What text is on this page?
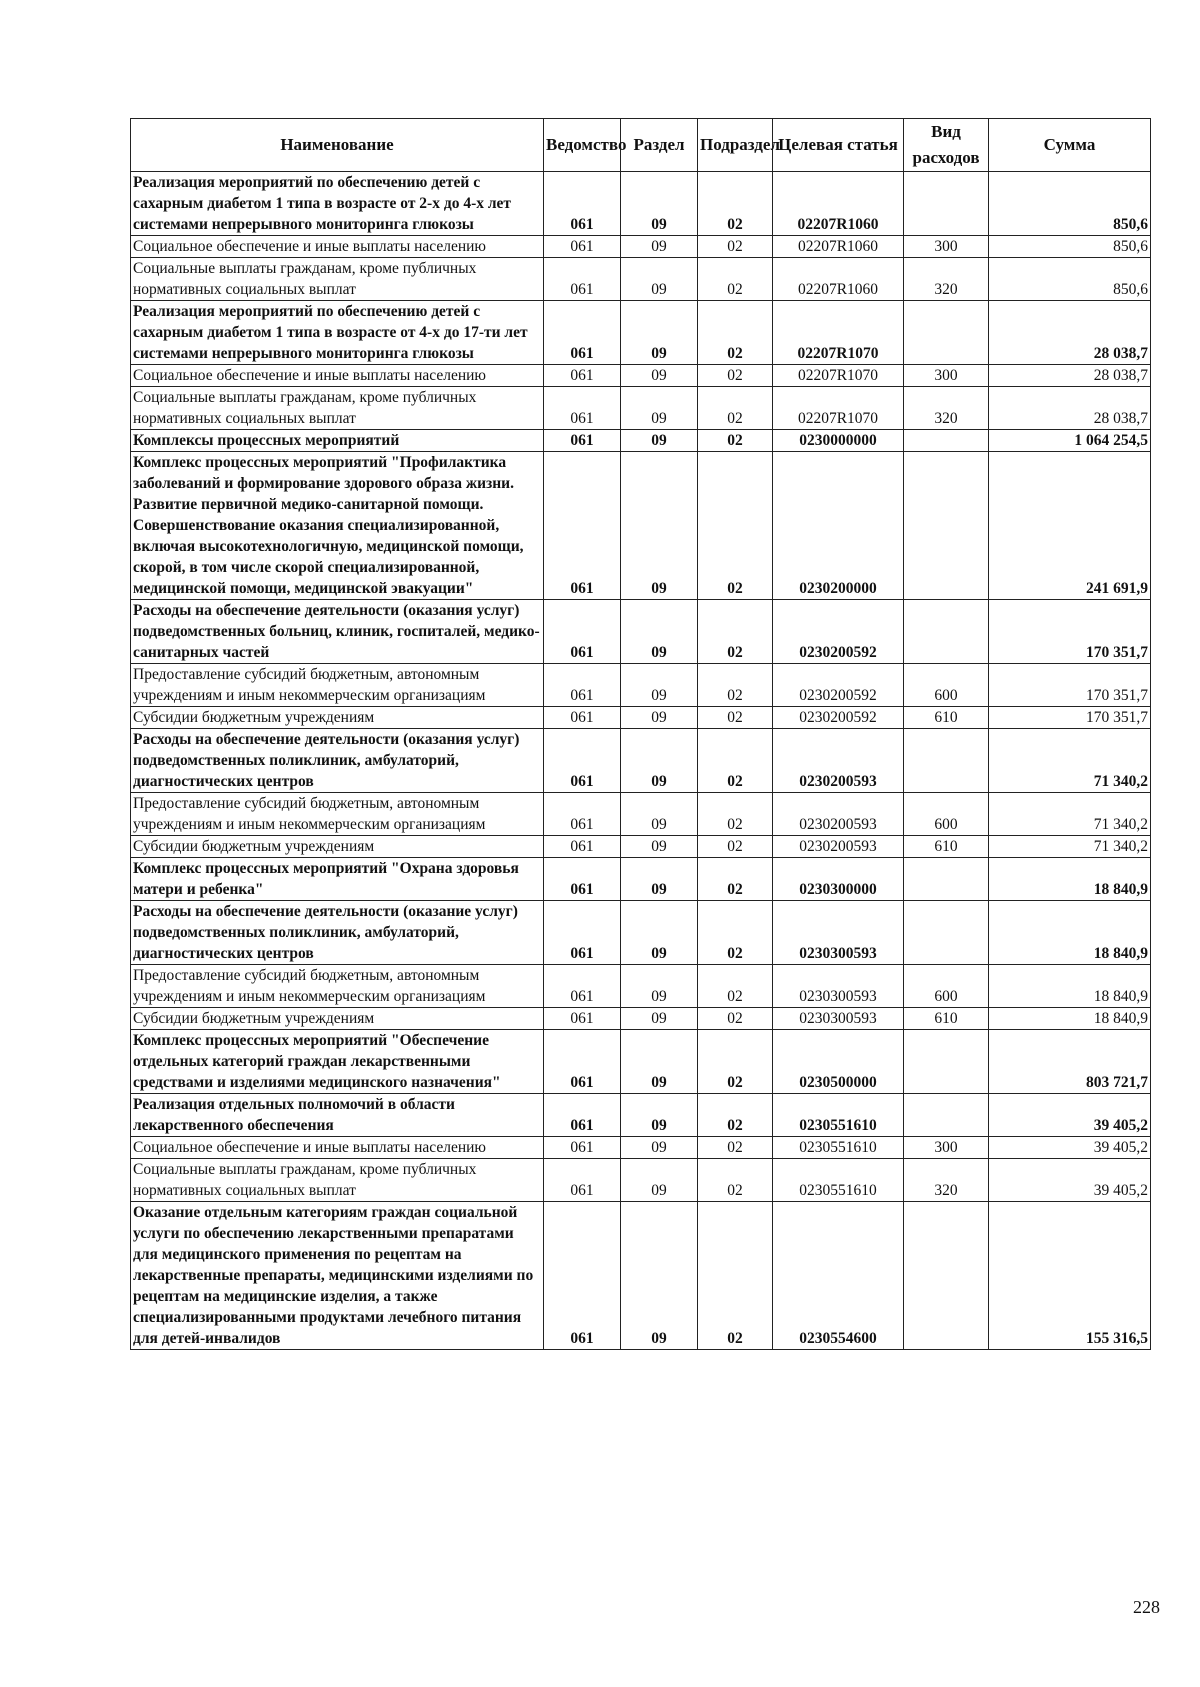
Наименование	Ведомство	Раздел	Подраздел	Целевая статья	Вид расходов	Сумма
Реализация мероприятий по обеспечению детей с сахарным диабетом 1 типа в возрасте от 2-х до 4-х лет системами непрерывного мониторинга глюкозы	061	09	02	02207R1060		850,6
Социальное обеспечение и иные выплаты населению	061	09	02	02207R1060	300	850,6
Социальные выплаты гражданам, кроме публичных нормативных социальных выплат	061	09	02	02207R1060	320	850,6
Реализация мероприятий по обеспечению детей с сахарным диабетом 1 типа в возрасте от 4-х до 17-ти лет системами непрерывного мониторинга глюкозы	061	09	02	02207R1070		28 038,7
Социальное обеспечение и иные выплаты населению	061	09	02	02207R1070	300	28 038,7
Социальные выплаты гражданам, кроме публичных нормативных социальных выплат	061	09	02	02207R1070	320	28 038,7
Комплексы процессных мероприятий	061	09	02	0230000000		1 064 254,5
Комплекс процессных мероприятий "Профилактика заболеваний и формирование здорового образа жизни. Развитие первичной медико-санитарной помощи. Совершенствование оказания специализированной, включая высокотехнологичную, медицинской помощи, скорой, в том числе скорой специализированной, медицинской помощи, медицинской эвакуации"	061	09	02	0230200000		241 691,9
Расходы на обеспечение деятельности (оказания услуг) подведомственных больниц, клиник, госпиталей, медико-санитарных частей	061	09	02	0230200592		170 351,7
Предоставление субсидий бюджетным, автономным учреждениям и иным некоммерческим организациям	061	09	02	0230200592	600	170 351,7
Субсидии бюджетным учреждениям	061	09	02	0230200592	610	170 351,7
Расходы на обеспечение деятельности (оказания услуг) подведомственных поликлиник, амбулаторий, диагностических центров	061	09	02	0230200593		71 340,2
Предоставление субсидий бюджетным, автономным учреждениям и иным некоммерческим организациям	061	09	02	0230200593	600	71 340,2
Субсидии бюджетным учреждениям	061	09	02	0230200593	610	71 340,2
Комплекс процессных мероприятий "Охрана здоровья матери и ребенка"	061	09	02	0230300000		18 840,9
Расходы на обеспечение деятельности (оказание услуг) подведомственных поликлиник, амбулаторий, диагностических центров	061	09	02	0230300593		18 840,9
Предоставление субсидий бюджетным, автономным учреждениям и иным некоммерческим организациям	061	09	02	0230300593	600	18 840,9
Субсидии бюджетным учреждениям	061	09	02	0230300593	610	18 840,9
Комплекс процессных мероприятий "Обеспечение отдельных категорий граждан лекарственными средствами и изделиями медицинского назначения"	061	09	02	0230500000		803 721,7
Реализация отдельных полномочий в области лекарственного обеспечения	061	09	02	0230551610		39 405,2
Социальное обеспечение и иные выплаты населению	061	09	02	0230551610	300	39 405,2
Социальные выплаты гражданам, кроме публичных нормативных социальных выплат	061	09	02	0230551610	320	39 405,2
Оказание отдельным категориям граждан социальной услуги по обеспечению лекарственными препаратами для медицинского применения по рецептам на лекарственные препараты, медицинскими изделиями по рецептам на медицинские изделия, а также специализированными продуктами лечебного питания для детей-инвалидов	061	09	02	0230554600		155 316,5
228
